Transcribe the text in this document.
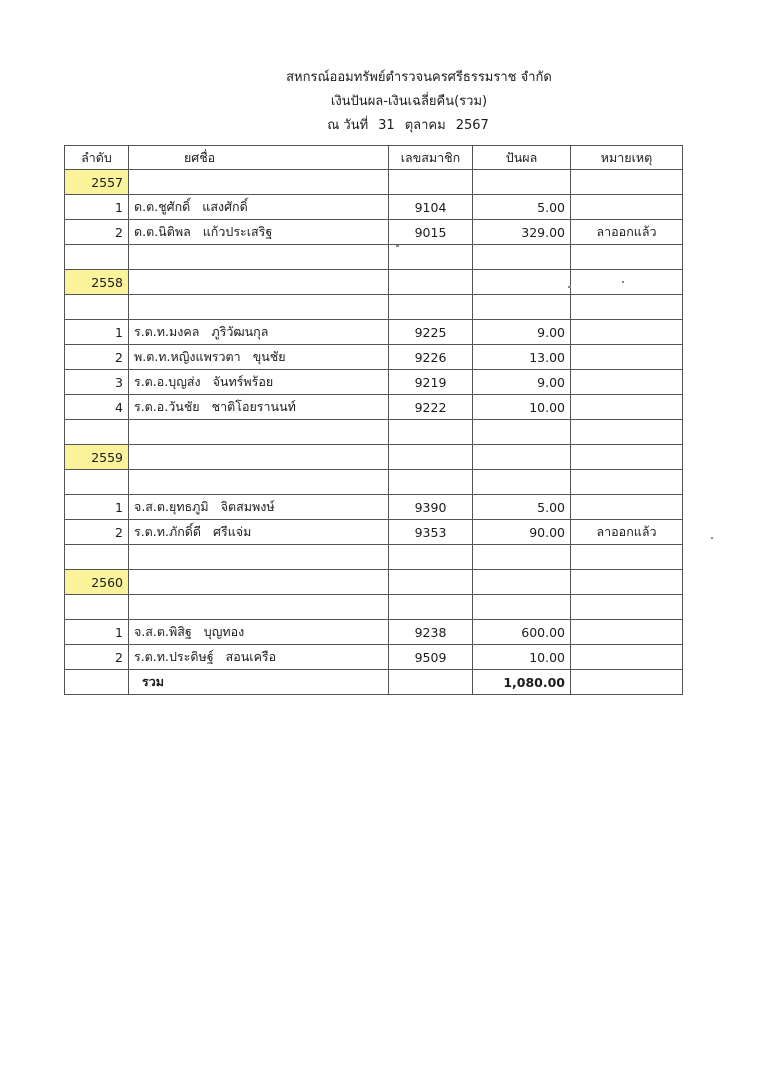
สหกรณ์ออมทรัพย์ตำรวจนครศรีธรรมราช จำกัด
เงินปันผล-เงินเฉลี่ยคืน(รวม)
ณ วันที่ 31 ตุลาคม 2567
ลำดับ	ยศชื่อ	เลขสมาชิก	ปันผล	หมายเหตุ
2557				
1	ด.ต.ชูศักดิ์ แสงศักดิ์	9104	5.00	
2	ด.ต.นิติพล แก้วประเสริฐ	9015	329.00	ลาออกแล้ว

2558				

1	ร.ต.ท.มงคล ภูริวัฒนกุล	9225	9.00	
2	พ.ต.ท.หญิงแพรวตา ขุนชัย	9226	13.00	
3	ร.ต.อ.บุญส่ง จันทร์พร้อย	9219	9.00	
4	ร.ต.อ.วันชัย ชาติโอยรานนท์	9222	10.00	

2559				

1	จ.ส.ต.ยุทธภูมิ จิตสมพงษ์	9390	5.00	
2	ร.ต.ท.ภักดิ์ดี ศรีแจ่ม	9353	90.00	ลาออกแล้ว

2560				

1	จ.ส.ต.พิสิฐ บุญทอง	9238	600.00	
2	ร.ต.ท.ประดิษฐ์ สอนเครือ	9509	10.00	
	รวม		1,080.00	
